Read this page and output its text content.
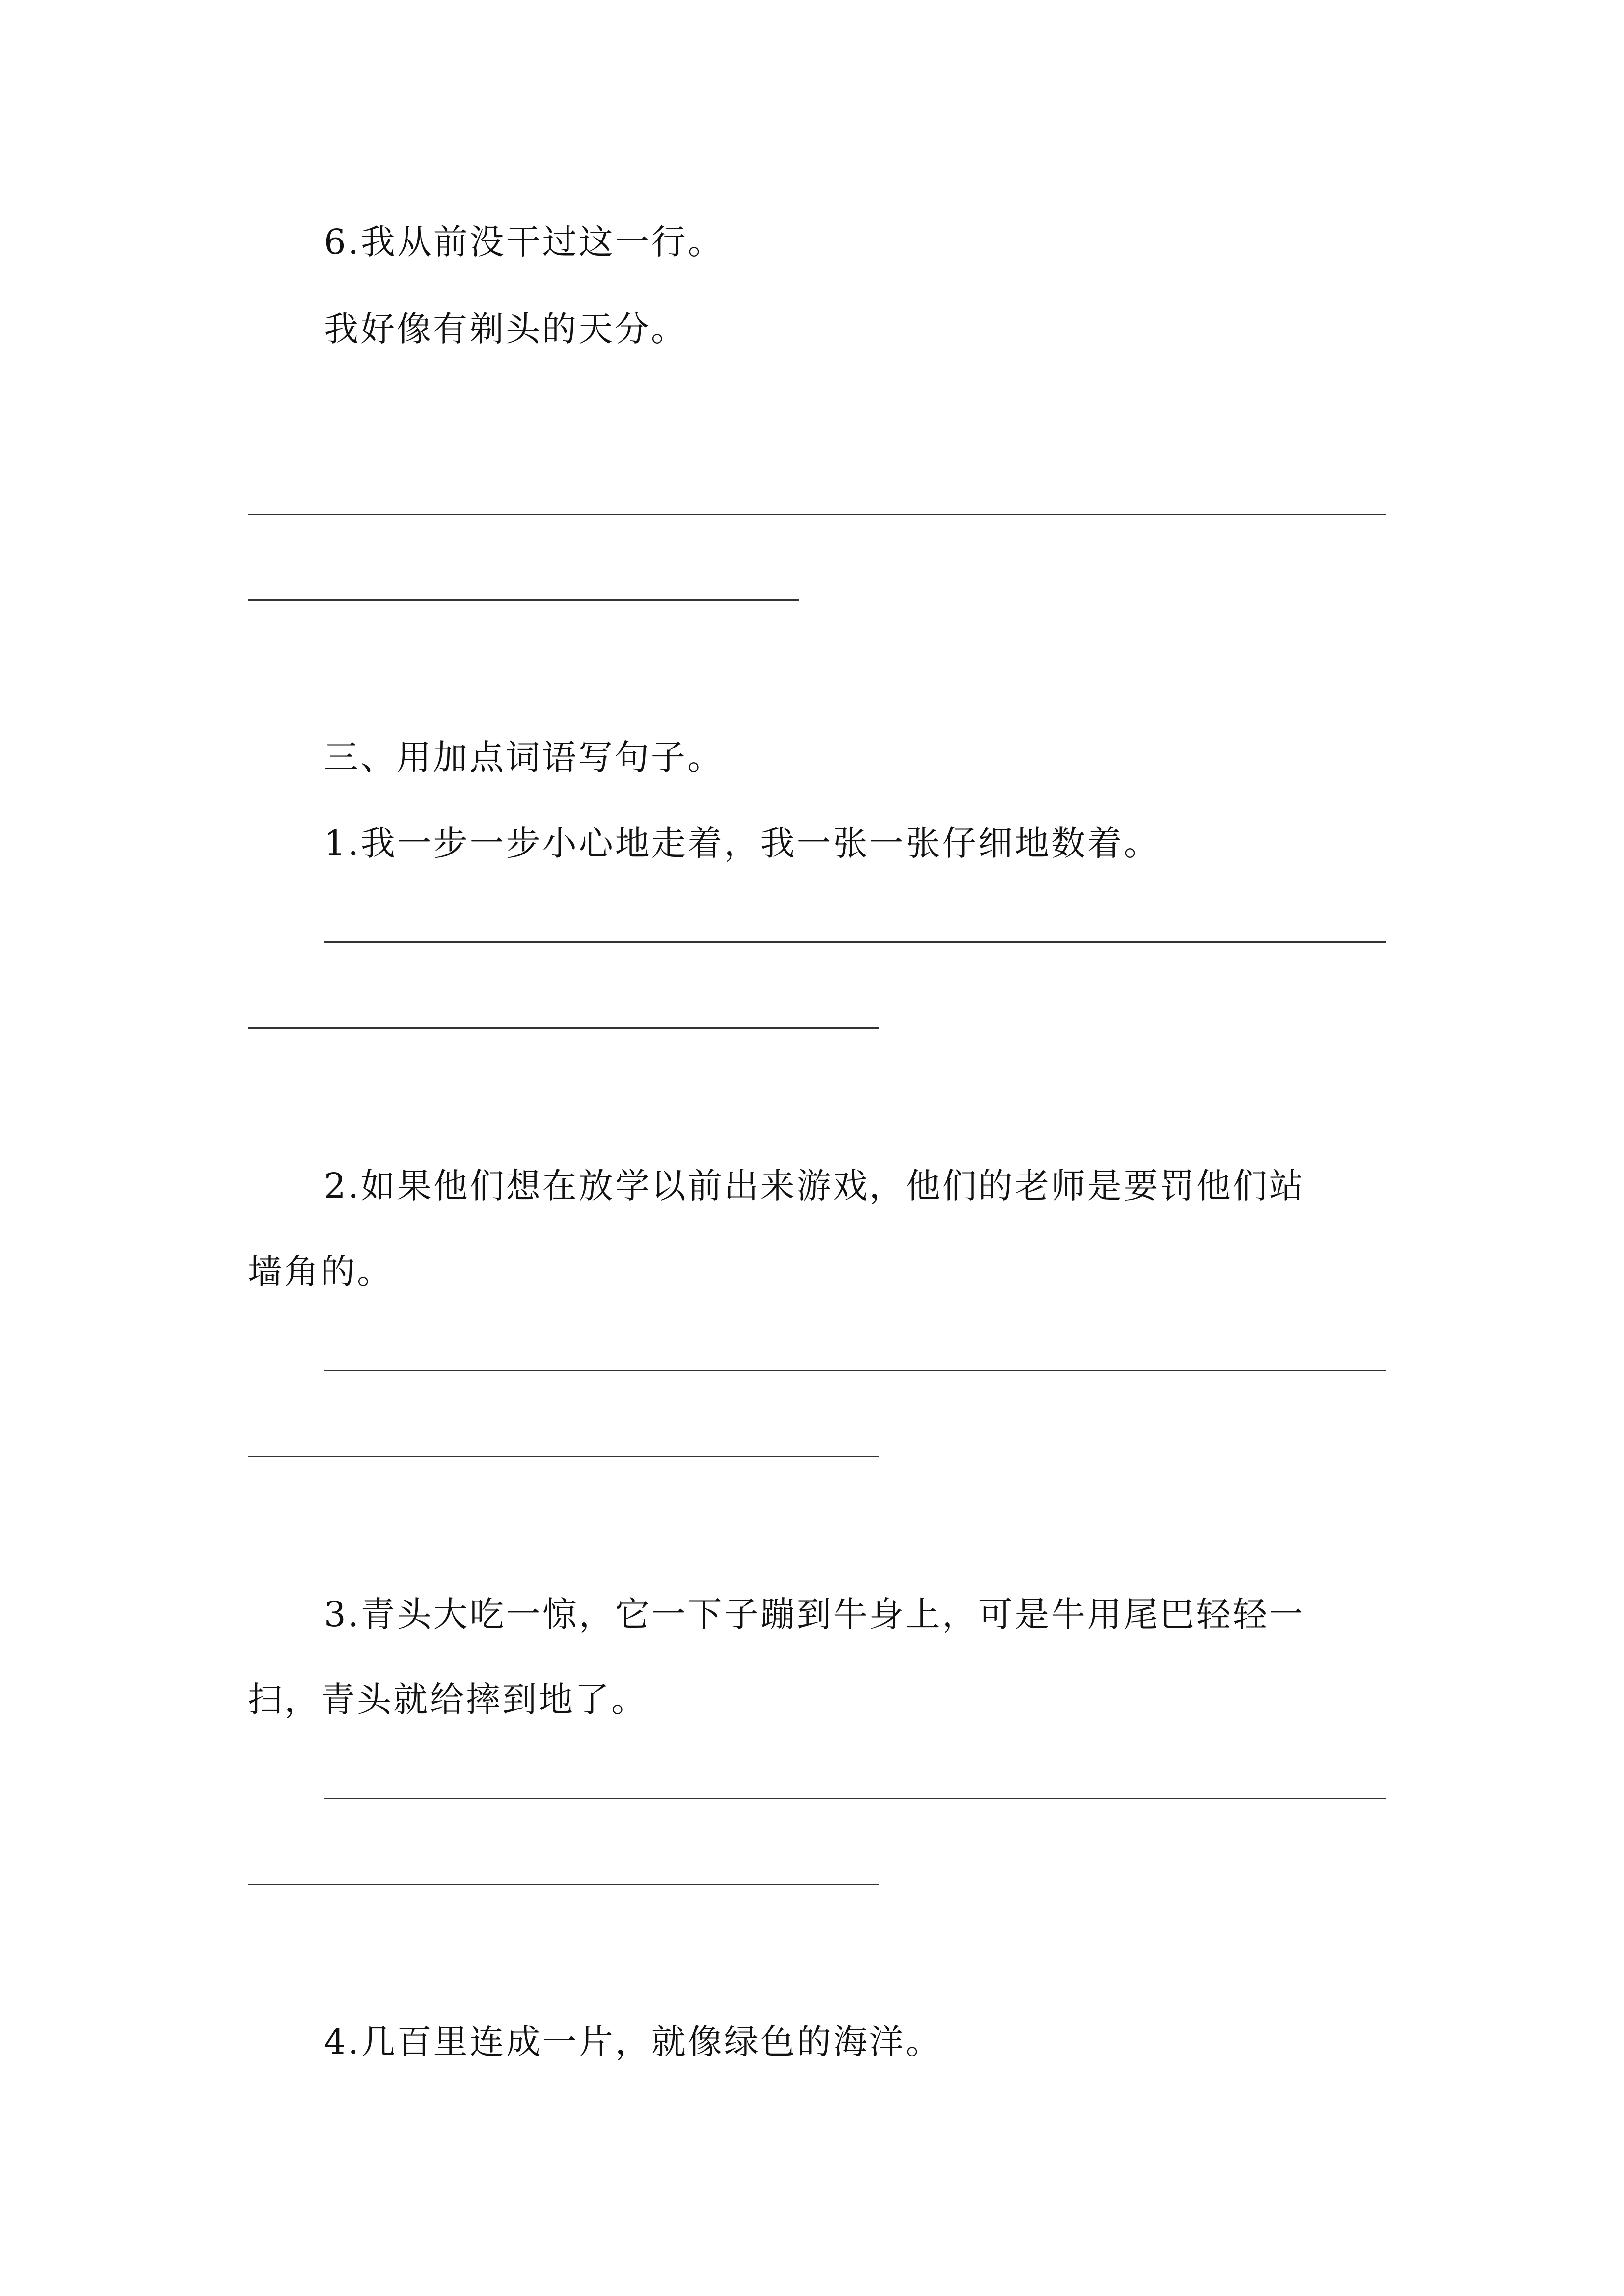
6.我从前没干过这一行。
我好像有剃头的天分。
三、用加点词语写句子。
1.我一步一步小心地走着，我一张一张仔细地数着。
2.如果他们想在放学以前出来游戏，他们的老师是要罚他们站
墙角的。
3.青头大吃一惊，它一下子蹦到牛身上，可是牛用尾巴轻轻一
扫，青头就给摔到地了。
4.几百里连成一片，就像绿色的海洋。
